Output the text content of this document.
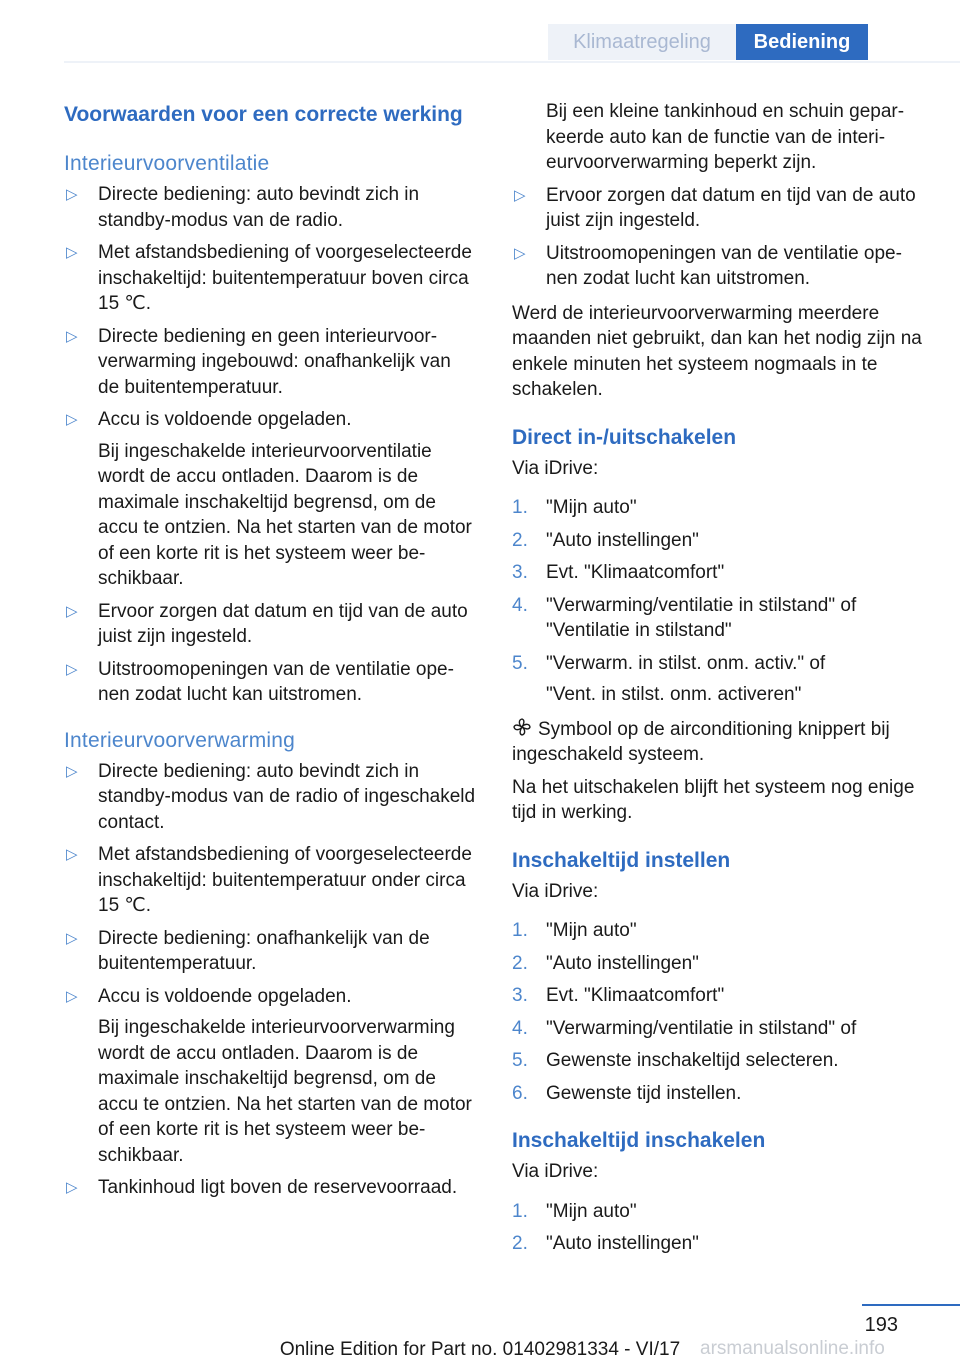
Klimaatregeling	Bediening
Voorwaarden voor een correcte werking
Interieurvoorventilatie
▷ Directe bediening: auto bevindt zich in standby-modus van de radio.
▷ Met afstandsbediening of voorgeselecteerde inschakeltijd: buitentemperatuur boven circa 15 ℃.
▷ Directe bediening en geen interieurvoorverwarming ingebouwd: onafhankelijk van de buitentemperatuur.
▷ Accu is voldoende opgeladen.
Bij ingeschakelde interieurvoorventilatie wordt de accu ontladen. Daarom is de maximale inschakeltijd begrensd, om de accu te ontzien. Na het starten van de motor of een korte rit is het systeem weer beschikbaar.
▷ Ervoor zorgen dat datum en tijd van de auto juist zijn ingesteld.
▷ Uitstroomopeningen van de ventilatie openen zodat lucht kan uitstromen.
Interieurvoorverwarming
▷ Directe bediening: auto bevindt zich in standby-modus van de radio of ingeschakeld contact.
▷ Met afstandsbediening of voorgeselecteerde inschakeltijd: buitentemperatuur onder circa 15 ℃.
▷ Directe bediening: onafhankelijk van de buitentemperatuur.
▷ Accu is voldoende opgeladen.
Bij ingeschakelde interieurvoorverwarming wordt de accu ontladen. Daarom is de maximale inschakeltijd begrensd, om de accu te ontzien. Na het starten van de motor of een korte rit is het systeem weer beschikbaar.
▷ Tankinhoud ligt boven de reservevoorraad.
Bij een kleine tankinhoud en schuin geparkeerde auto kan de functie van de interieurvoorverwarming beperkt zijn.
▷ Ervoor zorgen dat datum en tijd van de auto juist zijn ingesteld.
▷ Uitstroomopeningen van de ventilatie openen zodat lucht kan uitstromen.
Werd de interieurvoorverwarming meerdere maanden niet gebruikt, dan kan het nodig zijn na enkele minuten het systeem nogmaals in te schakelen.
Direct in-/uitschakelen
Via iDrive:
1. "Mijn auto"
2. "Auto instellingen"
3. Evt. "Klimaatcomfort"
4. "Verwarming/ventilatie in stilstand" of "Ventilatie in stilstand"
5. "Verwarm. in stilst. onm. activ." of
"Vent. in stilst. onm. activeren"
Symbool op de airconditioning knippert bij ingeschakeld systeem.
Na het uitschakelen blijft het systeem nog enige tijd in werking.
Inschakeltijd instellen
Via iDrive:
1. "Mijn auto"
2. "Auto instellingen"
3. Evt. "Klimaatcomfort"
4. "Verwarming/ventilatie in stilstand" of
5. Gewenste inschakeltijd selecteren.
6. Gewenste tijd instellen.
Inschakeltijd inschakelen
Via iDrive:
1. "Mijn auto"
2. "Auto instellingen"
193
arsmanualsonline.info
Online Edition for Part no. 01402981334 - VI/17
